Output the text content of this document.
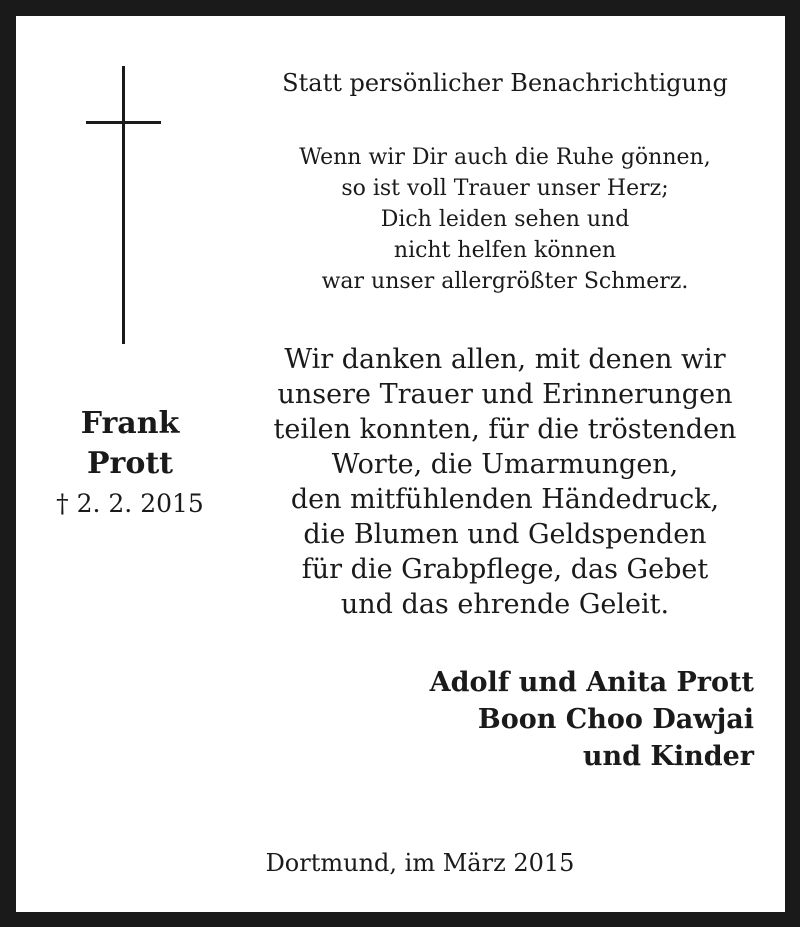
Frank
Prott
† 2. 2. 2015
Statt persönlicher Benachrichtigung
Wenn wir Dir auch die Ruhe gönnen,
so ist voll Trauer unser Herz;
Dich leiden sehen und
nicht helfen können
war unser allergrößter Schmerz.
Wir danken allen, mit denen wir
unsere Trauer und Erinnerungen
teilen konnten, für die tröstenden
Worte, die Umarmungen,
den mitfühlenden Händedruck,
die Blumen und Geldspenden
für die Grabpflege, das Gebet
und das ehrende Geleit.
Adolf und Anita Prott
Boon Choo Dawjai
und Kinder
Dortmund, im März 2015
